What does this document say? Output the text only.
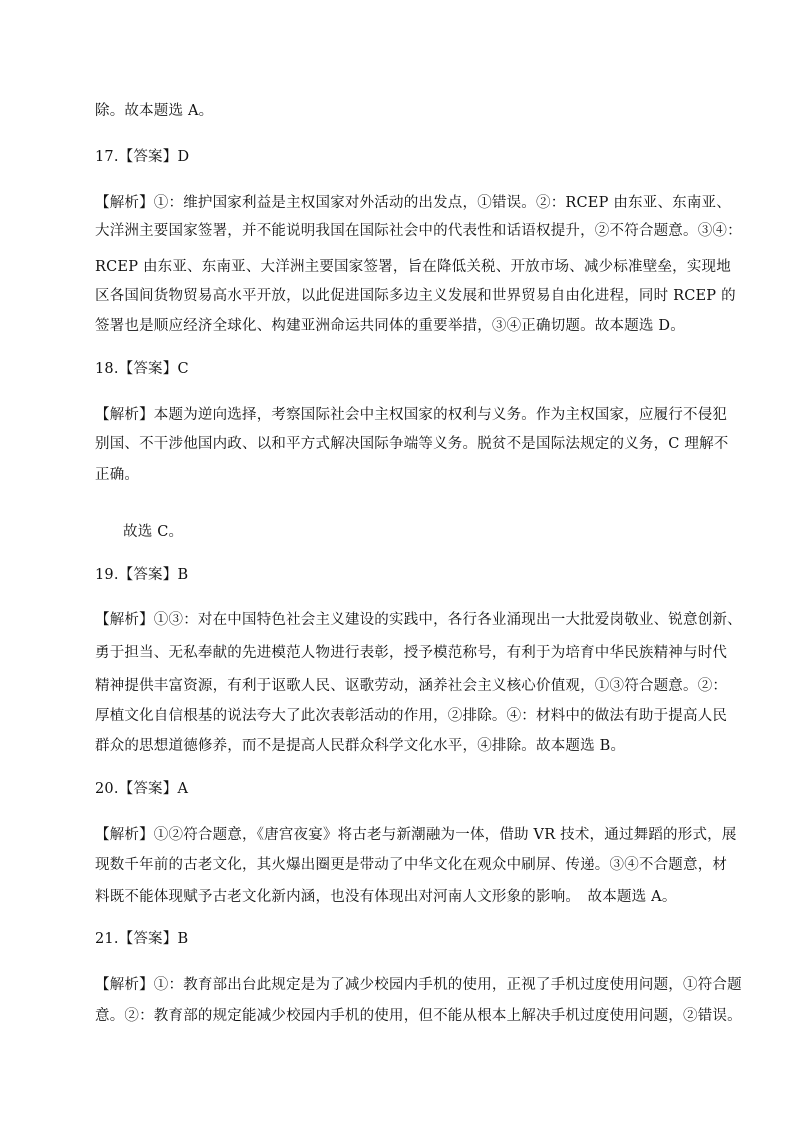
除。故本题选 A。
17.【答案】D
【解析】①：维护国家利益是主权国家对外活动的出发点，①错误。②：RCEP 由东亚、东南亚、
大洋洲主要国家签署，并不能说明我国在国际社会中的代表性和话语权提升，②不符合题意。③④：
RCEP 由东亚、东南亚、大洋洲主要国家签署，旨在降低关税、开放市场、减少标准壁垒，实现地
区各国间货物贸易高水平开放，以此促进国际多边主义发展和世界贸易自由化进程，同时 RCEP 的
签署也是顺应经济全球化、构建亚洲命运共同体的重要举措，③④正确切题。故本题选 D。
18.【答案】C
【解析】本题为逆向选择，考察国际社会中主权国家的权利与义务。作为主权国家，应履行不侵犯
别国、不干涉他国内政、以和平方式解决国际争端等义务。脱贫不是国际法规定的义务，C 理解不
正确。
故选 C。
19.【答案】B
【解析】①③：对在中国特色社会主义建设的实践中，各行各业涌现出一大批爱岗敬业、锐意创新、
勇于担当、无私奉献的先进模范人物进行表彰，授予模范称号，有利于为培育中华民族精神与时代
精神提供丰富资源，有利于讴歌人民、讴歌劳动，涵养社会主义核心价值观，①③符合题意。②：
厚植文化自信根基的说法夸大了此次表彰活动的作用，②排除。④：材料中的做法有助于提高人民
群众的思想道德修养，而不是提高人民群众科学文化水平，④排除。故本题选 B。
20.【答案】A
【解析】①②符合题意，《唐宫夜宴》将古老与新潮融为一体，借助 VR 技术，通过舞蹈的形式，展
现数千年前的古老文化，其火爆出圈更是带动了中华文化在观众中刷屏、传递。③④不合题意，材
料既不能体现赋予古老文化新内涵，也没有体现出对河南人文形象的影响。　故本题选 A。
21.【答案】B
【解析】①：教育部出台此规定是为了减少校园内手机的使用，正视了手机过度使用问题，①符合题
意。②：教育部的规定能减少校园内手机的使用，但不能从根本上解决手机过度使用问题，②错误。
